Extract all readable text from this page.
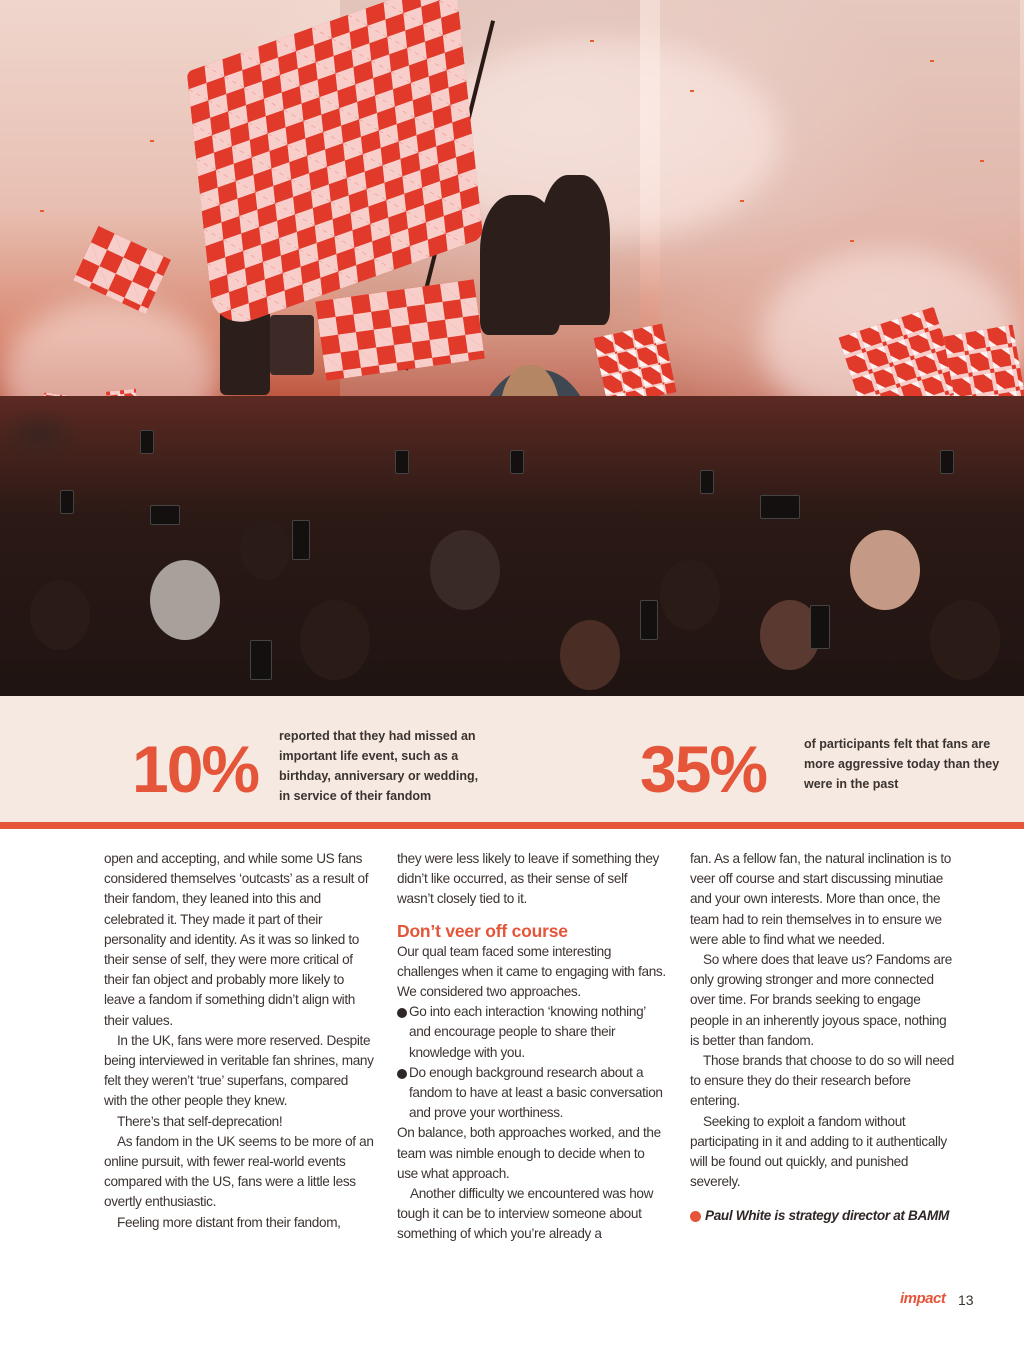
10% reported that they had missed an
important life event, such as a
birthday, anniversary or wedding,
in service of their fandom	35%	of participants felt that fans are
more aggressive today than they
were in the past

open and accepting, and while some US fans considered themselves ‘outcasts’ as a result of their fandom, they leaned into this and celebrated it. They made it part of their personality and identity. As it was so linked to their sense of self, they were more critical of their fan object and probably more likely to leave a fandom if something didn’t align with their values.

In the UK, fans were more reserved. Despite being interviewed in veritable fan shrines, many felt they weren’t ‘true’ superfans, compared with the other people they knew.

There’s that self-deprecation!

As fandom in the UK seems to be more of an online pursuit, with fewer real-world events compared with the US, fans were a little less overtly enthusiastic.

Feeling more distant from their fandom,

they were less likely to leave if something they didn’t like occurred, as their sense of self wasn’t closely tied to it.

Don’t veer off course

Our qual team faced some interesting challenges when it came to engaging with fans. We considered two approaches.

Go into each interaction ‘knowing nothing’ and encourage people to share their knowledge with you.
Do enough background research about a fandom to have at least a basic conversation and prove your worthiness.

On balance, both approaches worked, and the team was nimble enough to decide when to use what approach.

Another difficulty we encountered was how tough it can be to interview someone about something of which you’re already a

fan. As a fellow fan, the natural inclination is to veer off course and start discussing minutiae and your own interests. More than once, the team had to rein themselves in to ensure we were able to find what we needed.

So where does that leave us? Fandoms are only growing stronger and more connected over time. For brands seeking to engage people in an inherently joyous space, nothing is better than fandom.

Those brands that choose to do so will need to ensure they do their research before entering.

Seeking to exploit a fandom without participating in it and adding to it authentically will be found out quickly, and punished severely.

Paul White is strategy director at BAMM
impact 13
